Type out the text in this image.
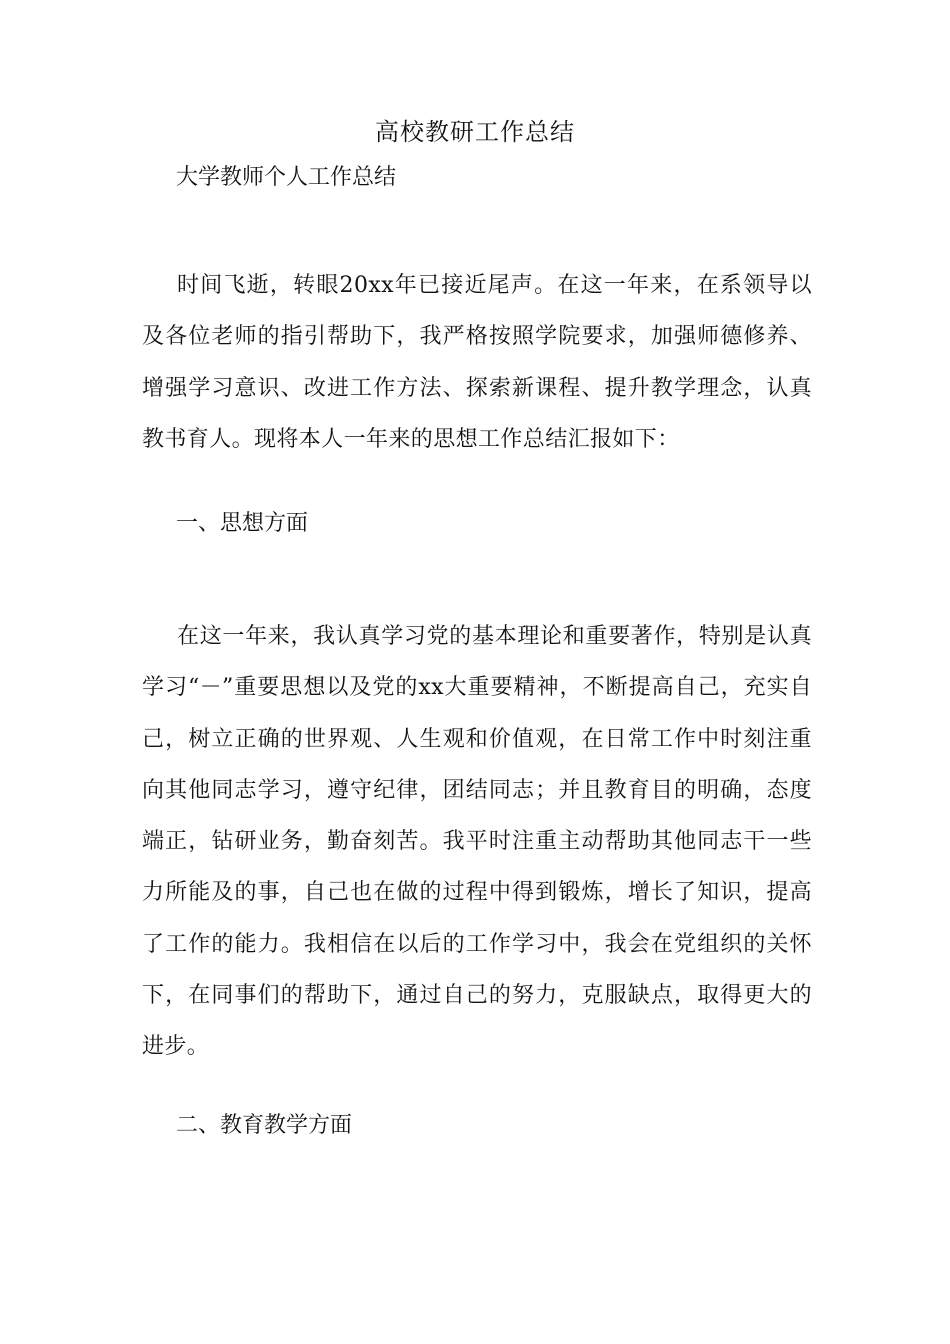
高校教研工作总结
大学教师个人工作总结

时间飞逝，转眼20xx年已接近尾声。在这一年来，在系领导以及各位老师的指引帮助下，我严格按照学院要求，加强师德修养、增强学习意识、改进工作方法、探索新课程、提升教学理念，认真教书育人。现将本人一年来的思想工作总结汇报如下：

一、思想方面

在这一年来，我认真学习党的基本理论和重要著作，特别是认真学习“－”重要思想以及党的xx大重要精神，不断提高自己，充实自己，树立正确的世界观、人生观和价值观，在日常工作中时刻注重向其他同志学习，遵守纪律，团结同志；并且教育目的明确，态度端正，钻研业务，勤奋刻苦。我平时注重主动帮助其他同志干一些力所能及的事，自己也在做的过程中得到锻炼，增长了知识，提高了工作的能力。我相信在以后的工作学习中，我会在党组织的关怀下，在同事们的帮助下，通过自己的努力，克服缺点，取得更大的进步。

二、教育教学方面
